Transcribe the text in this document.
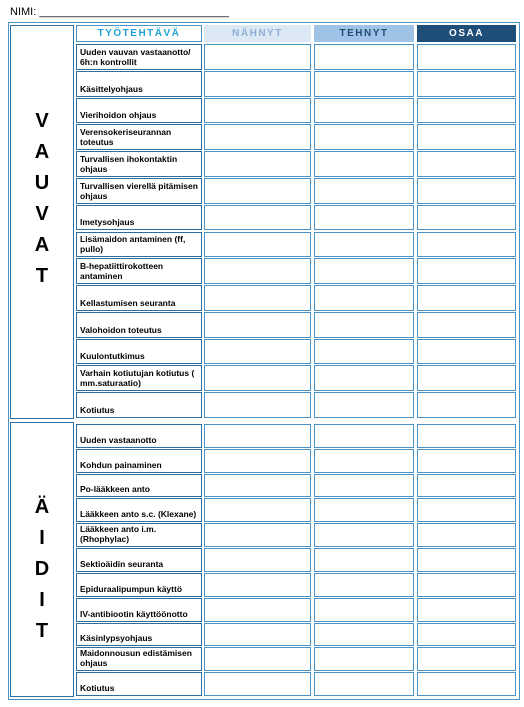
NIMI: _______________________________
TYÖTEHTÄVÄ	NÄHNYT	TEHNYT	OSAA
V
A
U
V
A
T
Ä
I
D
I
T
Uuden vauvan vastaanotto/ 6h:n kontrollit
Käsittelyohjaus
Vierihoidon ohjaus
Verensokeriseurannan toteutus
Turvallisen ihokontaktin ohjaus
Turvallisen vierellä pitämisen ohjaus
Imetysohjaus
Lisämaidon antaminen (ff, pullo)
B-hepatiittirokotteen antaminen
Kellastumisen seuranta
Valohoidon toteutus
Kuulontutkimus
Varhain kotiutujan kotiutus ( mm.saturaatio)
Kotiutus
Uuden vastaanotto
Kohdun painaminen
Po-lääkkeen anto
Lääkkeen anto s.c. (Klexane)
Lääkkeen anto i.m. (Rhophylac)
Sektioäidin seuranta
Epiduraalipumpun käyttö
IV-antibiootin käyttöönotto
Käsinlypsyohjaus
Maidonnousun edistämisen ohjaus
Kotiutus
